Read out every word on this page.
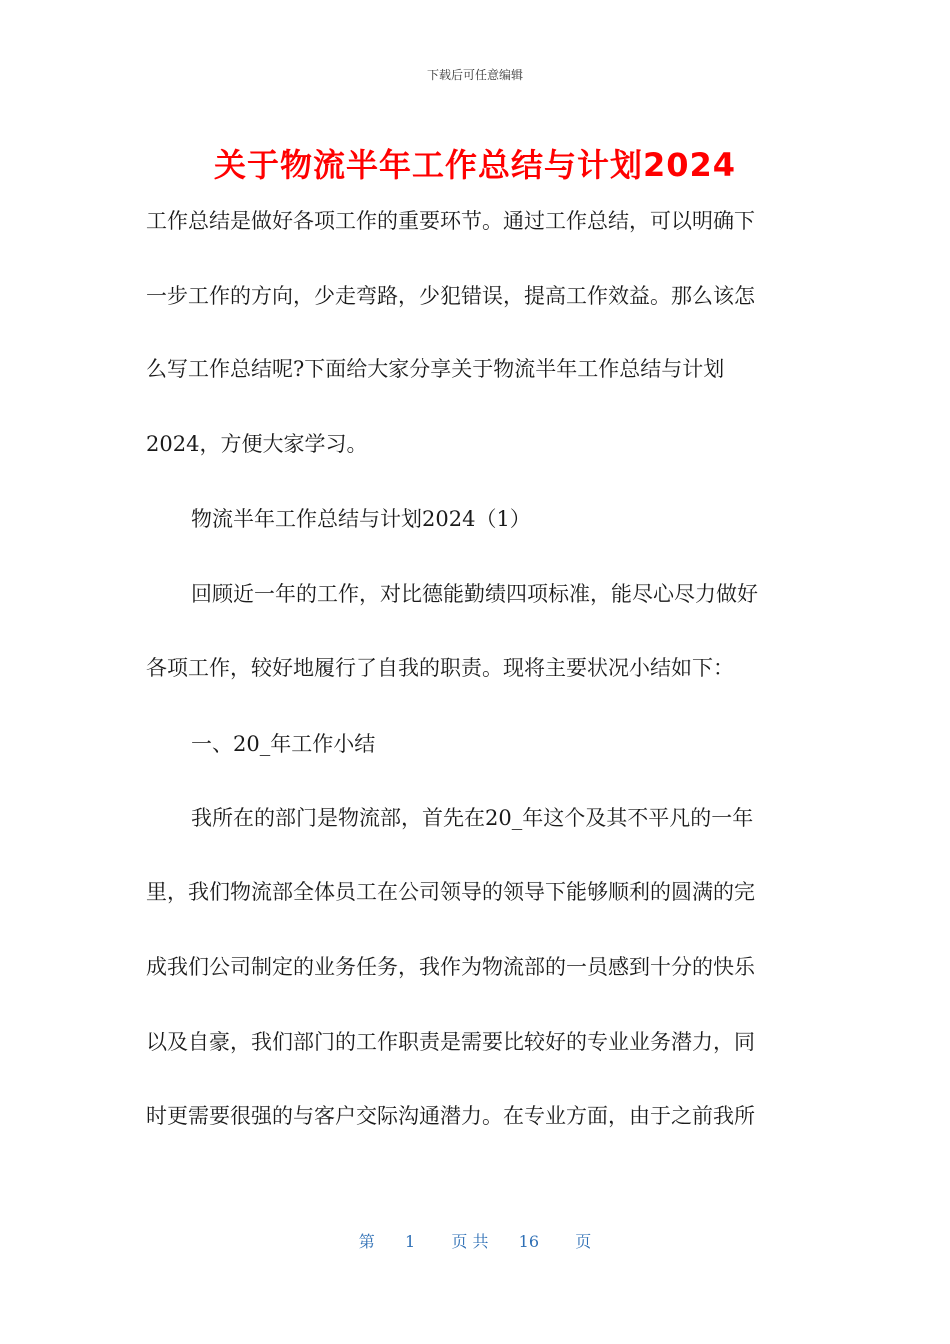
下载后可任意编辑
关于物流半年工作总结与计划2024
工作总结是做好各项工作的重要环节。通过工作总结，可以明确下
一步工作的方向，少走弯路，少犯错误，提高工作效益。那么该怎
么写工作总结呢?下面给大家分享关于物流半年工作总结与计划
2024，方便大家学习。
物流半年工作总结与计划2024（1）
回顾近一年的工作，对比德能勤绩四项标准，能尽心尽力做好
各项工作，较好地履行了自我的职责。现将主要状况小结如下：
一、20_年工作小结
我所在的部门是物流部，首先在20_年这个及其不平凡的一年
里，我们物流部全体员工在公司领导的领导下能够顺利的圆满的完
成我们公司制定的业务任务，我作为物流部的一员感到十分的快乐
以及自豪，我们部门的工作职责是需要比较好的专业业务潜力，同
时更需要很强的与客户交际沟通潜力。在专业方面，由于之前我所
第 1 页 共 16 页
